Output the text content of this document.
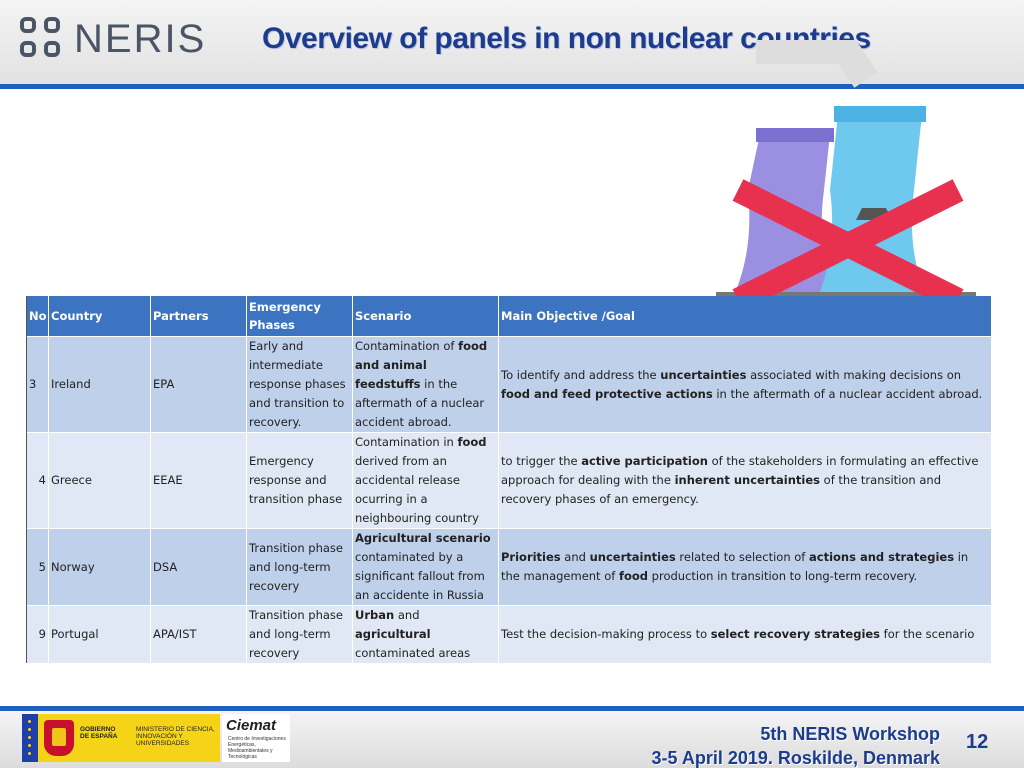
NERIS Overview of panels in non nuclear countries
No	Country	Partners	Emergency Phases	Scenario	Main Objective /Goal
3	Ireland	EPA	Early and intermediate response phases and transition to recovery.	Contamination of food and animal feedstuffs in the aftermath of a nuclear accident abroad.	To identify and address the uncertainties associated with making decisions on food and feed protective actions in the aftermath of a nuclear accident abroad.
4	Greece	EEAE	Emergency response and transition phase	Contamination in food derived from an accidental release ocurring in a neighbouring country	to trigger the active participation of the stakeholders in formulating an effective approach for dealing with the inherent uncertainties of the transition and recovery phases of an emergency.
5	Norway	DSA	Transition phase and long-term recovery	Agricultural scenario contaminated by a significant fallout from an accidente in Russia	Priorities and uncertainties related to selection of actions and strategies in the management of food production in transition to long-term recovery.
9	Portugal	APA/IST	Transition phase and long-term recovery	Urban and agricultural contaminated areas	Test the decision-making process to select recovery strategies for the scenario
GOBIERNO DE ESPAÑA
MINISTERIO DE CIENCIA, INNOVACIÓN Y UNIVERSIDADES
Ciemat
Centro de Investigaciones Energéticas, Medioambientales y Tecnológicas
5th NERIS Workshop
3-5 April 2019. Roskilde, Denmark
12
